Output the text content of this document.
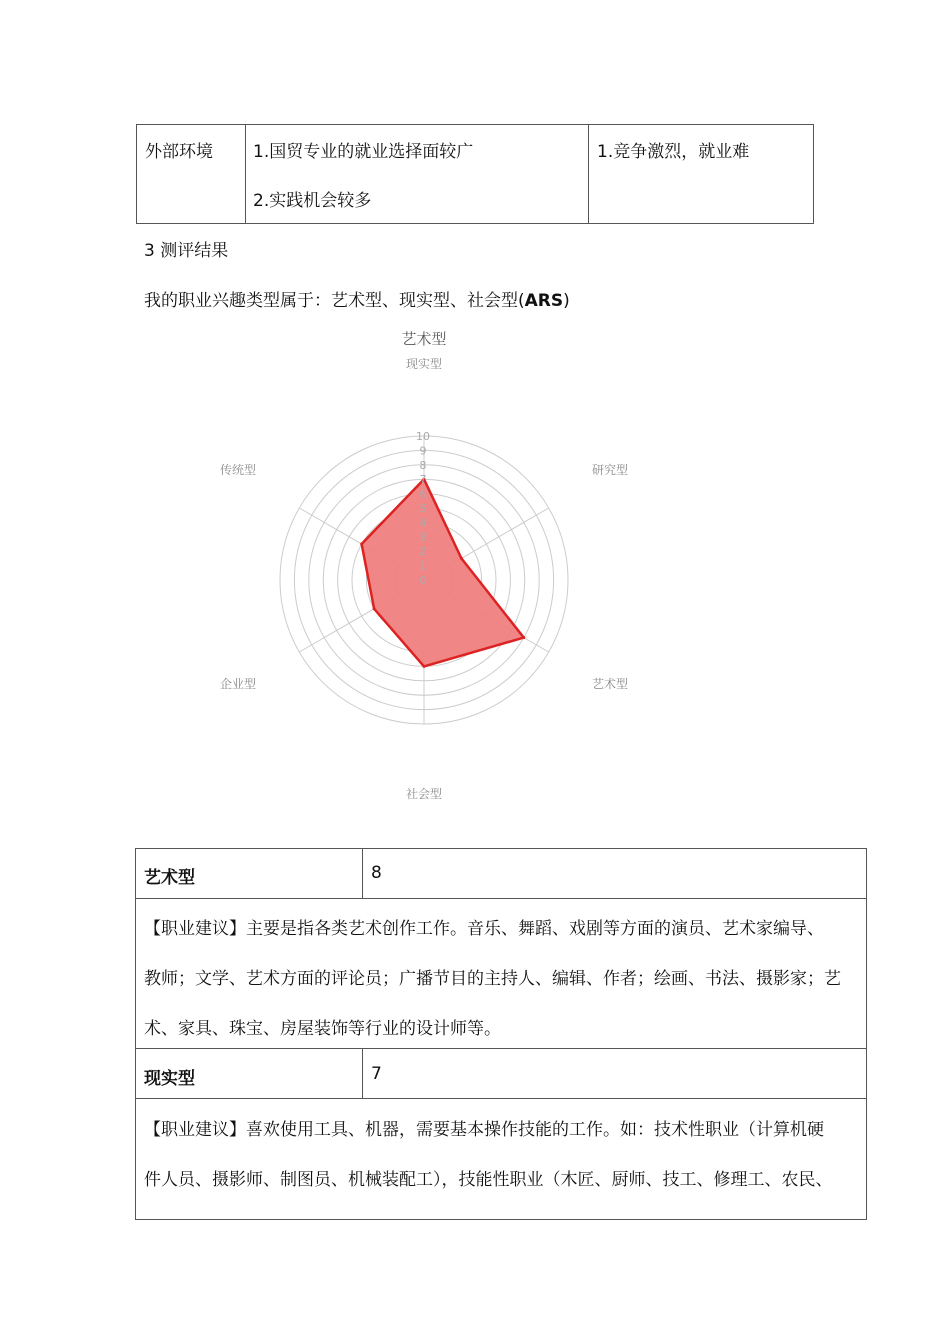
外部环境 1.国贸专业的就业选择面较广
2.实践机会较多
1.竞争激烈，就业难
3 测评结果
我的职业兴趣类型属于：艺术型、现实型、社会型(ARS)
艺术型
0
1
2
3
4
5
6
7
8
9
10
现实型
研究型
艺术型
社会型
企业型
传统型
艺术型	8
【职业建议】主要是指各类艺术创作工作。音乐、舞蹈、戏剧等方面的演员、艺术家编导、
教师；文学、艺术方面的评论员；广播节目的主持人、编辑、作者；绘画、书法、摄影家；艺
术、家具、珠宝、房屋装饰等行业的设计师等。
现实型	7
【职业建议】喜欢使用工具、机器，需要基本操作技能的工作。如：技术性职业（计算机硬
件人员、摄影师、制图员、机械装配工），技能性职业（木匠、厨师、技工、修理工、农民、
